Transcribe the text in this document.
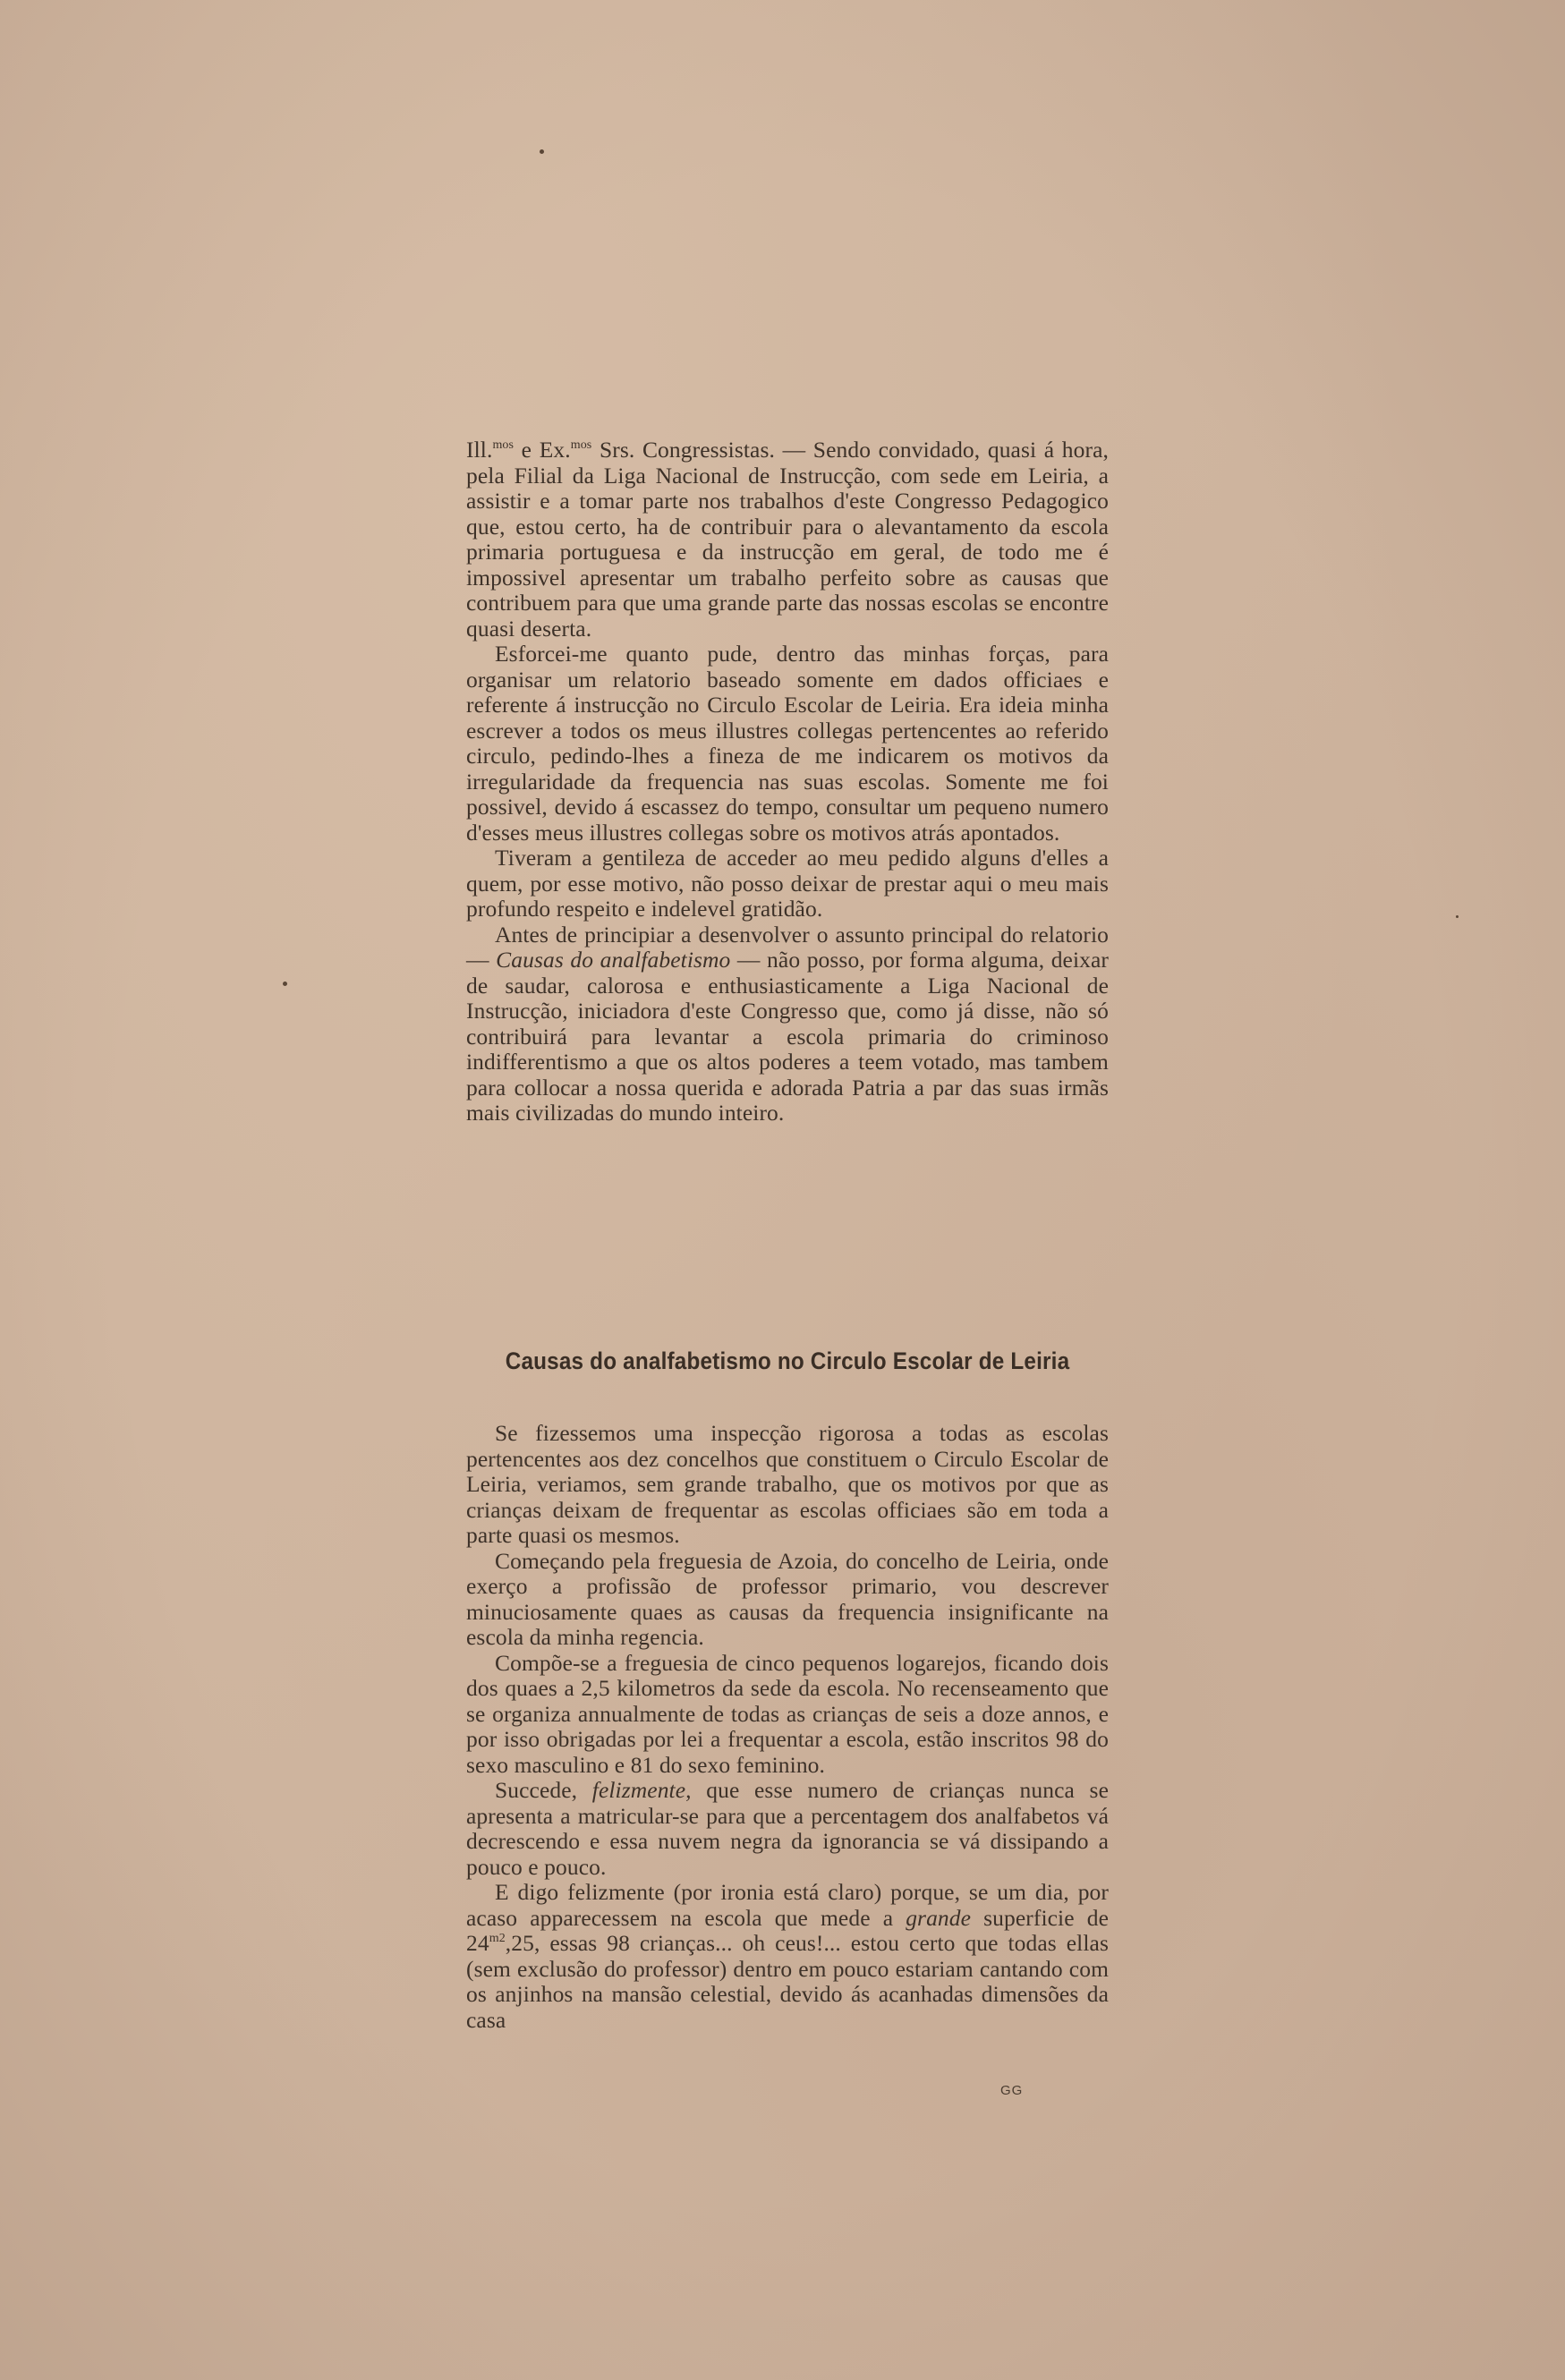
Ill.$^{mos}$ e Ex.$^{mos}$ Srs. Congressistas. — Sendo convidado, quasi á hora, pela Filial da Liga Nacional de Instrucção, com sede em Leiria, a assistir e a tomar parte nos trabalhos d'este Congresso Pedagogico que, estou certo, ha de contribuir para o alevantamento da escola primaria portuguesa e da instrucção em geral, de todo me é impossivel apresentar um trabalho perfeito sobre as causas que contribuem para que uma grande parte das nossas escolas se encontre quasi deserta.

Esforcei-me quanto pude, dentro das minhas forças, para organisar um relatorio baseado somente em dados officiaes e referente á instrucção no Circulo Escolar de Leiria. Era ideia minha escrever a todos os meus illustres collegas pertencentes ao referido circulo, pedindo-lhes a fineza de me indicarem os motivos da irregularidade da frequencia nas suas escolas. Somente me foi possivel, devido á escassez do tempo, consultar um pequeno numero d'esses meus illustres collegas sobre os motivos atrás apontados.

Tiveram a gentileza de acceder ao meu pedido alguns d'elles a quem, por esse motivo, não posso deixar de prestar aqui o meu mais profundo respeito e indelevel gratidão.

Antes de principiar a desenvolver o assunto principal do relatorio — Causas do analfabetismo — não posso, por forma alguma, deixar de saudar, calorosa e enthusiasticamente a Liga Nacional de Instrucção, iniciadora d'este Congresso que, como já disse, não só contribuirá para levantar a escola primaria do criminoso indifferentismo a que os altos poderes a teem votado, mas tambem para collocar a nossa querida e adorada Patria a par das suas irmãs mais civilizadas do mundo inteiro.

Causas do analfabetismo no Circulo Escolar de Leiria

Se fizessemos uma inspecção rigorosa a todas as escolas pertencentes aos dez concelhos que constituem o Circulo Escolar de Leiria, veriamos, sem grande trabalho, que os motivos por que as crianças deixam de frequentar as escolas officiaes são em toda a parte quasi os mesmos.

Começando pela freguesia de Azoia, do concelho de Leiria, onde exerço a profissão de professor primario, vou descrever minuciosamente quaes as causas da frequencia insignificante na escola da minha regencia.

Compõe-se a freguesia de cinco pequenos logarejos, ficando dois dos quaes a 2,5 kilometros da sede da escola. No recenseamento que se organiza annualmente de todas as crianças de seis a doze annos, e por isso obrigadas por lei a frequentar a escola, estão inscritos 98 do sexo masculino e 81 do sexo feminino.

Succede, felizmente, que esse numero de crianças nunca se apresenta a matricular-se para que a percentagem dos analfabetos vá decrescendo e essa nuvem negra da ignorancia se vá dissipando a pouco e pouco.

E digo felizmente (por ironia está claro) porque, se um dia, por acaso apparecessem na escola que mede a grande superficie de $24^{m2},25$, essas 98 crianças... oh ceus!... estou certo que todas ellas (sem exclusão do professor) dentro em pouco estariam cantando com os anjinhos na mansão celestial, devido ás acanhadas dimensões da casa

GG
